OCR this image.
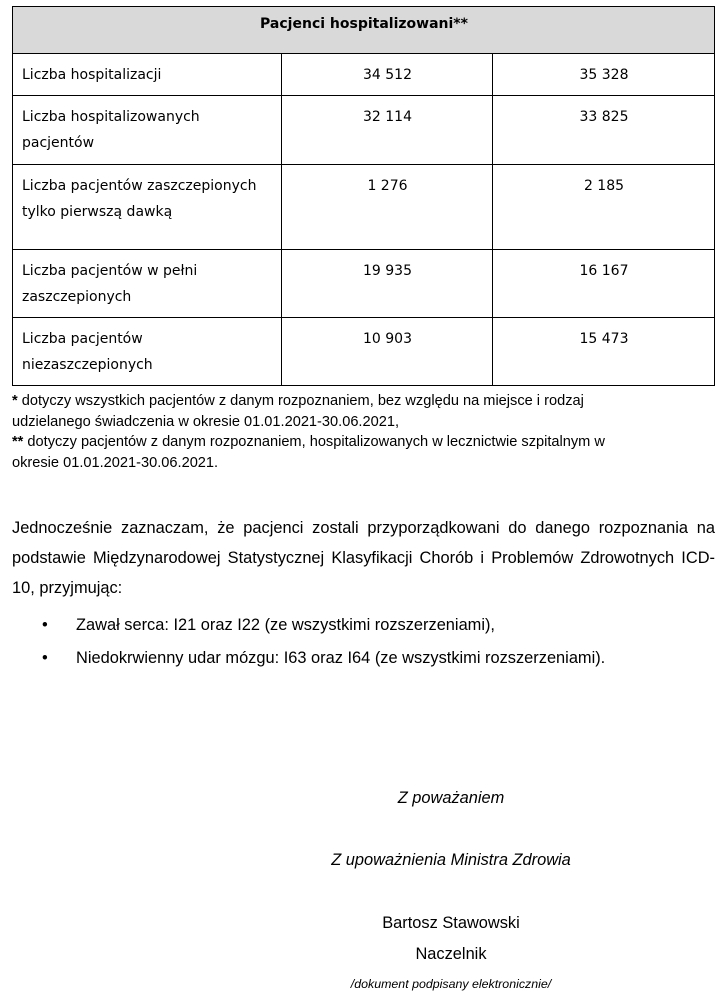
Pacjenci hospitalizowani**		
Liczba hospitalizacji	34 512	35 328
Liczba hospitalizowanych
pacjentów	32 114	33 825
Liczba pacjentów zaszczepionych
tylko pierwszą dawką	1 276	2 185
Liczba pacjentów w pełni
zaszczepionych	19 935	16 167
Liczba pacjentów
niezaszczepionych	10 903	15 473
* dotyczy wszystkich pacjentów z danym rozpoznaniem, bez względu na miejsce i rodzaj
udzielanego świadczenia w okresie 01.01.2021-30.06.2021,
** dotyczy pacjentów z danym rozpoznaniem, hospitalizowanych w lecznictwie szpitalnym w
okresie 01.01.2021-30.06.2021.
Jednocześnie zaznaczam, że pacjenci zostali przyporządkowani do danego rozpoznania na podstawie Międzynarodowej Statystycznej Klasyfikacji Chorób i Problemów Zdrowotnych ICD-10, przyjmując:
• Zawał serca: I21 oraz I22 (ze wszystkimi rozszerzeniami),
• Niedokrwienny udar mózgu: I63 oraz I64 (ze wszystkimi rozszerzeniami).
Z poważaniem
Z upoważnienia Ministra Zdrowia
Bartosz Stawowski
Naczelnik
/dokument podpisany elektronicznie/
